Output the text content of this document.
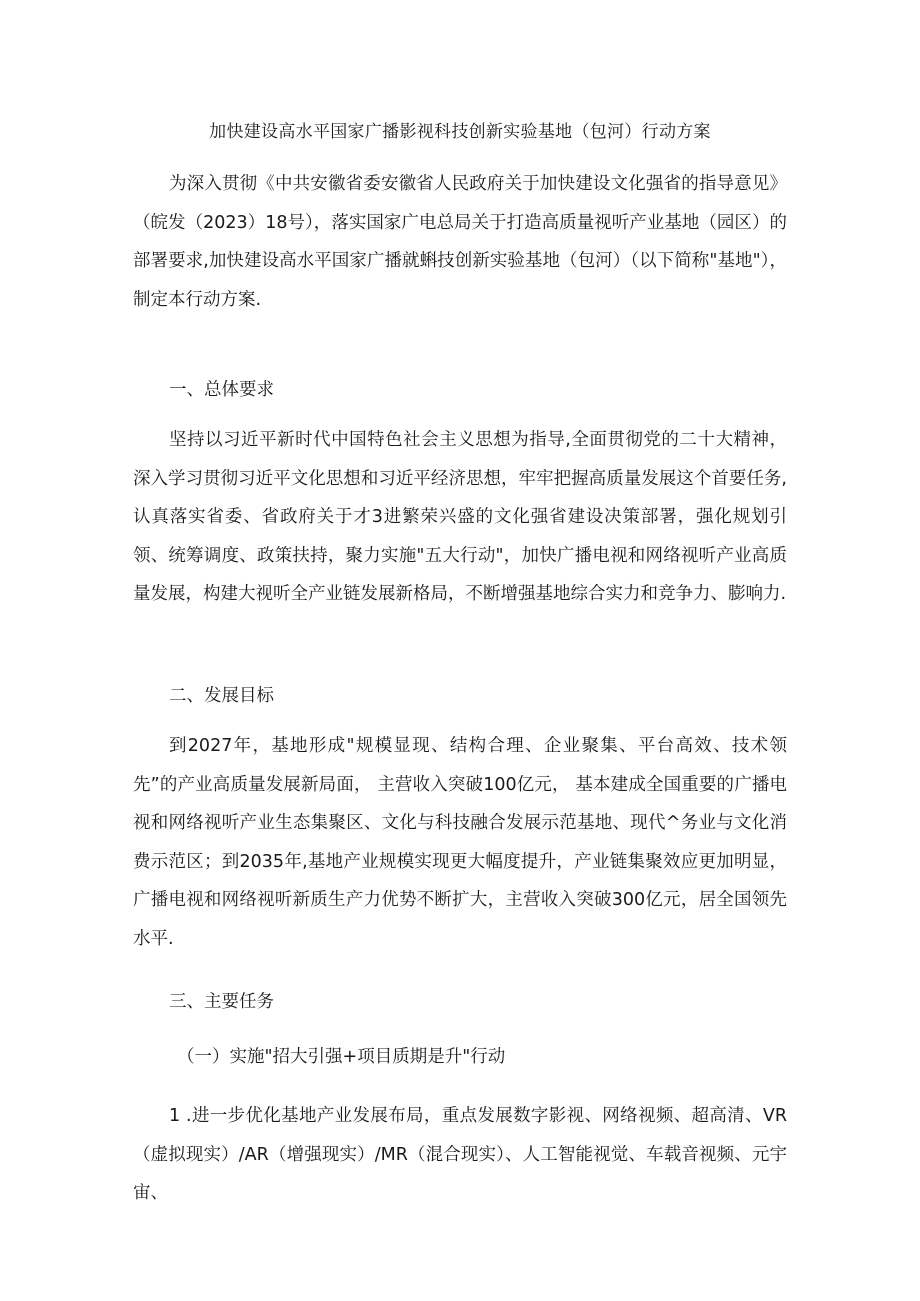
加快建设高水平国家广播影视科技创新实验基地（包河）行动方案

为深入贯彻《中共安徽省委安徽省人民政府关于加快建设文化强省的指导意见》（皖发（2023）18号），落实国家广电总局关于打造高质量视听产业基地（园区）的部署要求,加快建设高水平国家广播就蝌技创新实验基地（包河）（以下简称"基地"），制定本行动方案.

一、总体要求

坚持以习近平新时代中国特色社会主义思想为指导,全面贯彻党的二十大精神，深入学习贯彻习近平文化思想和习近平经济思想，牢牢把握高质量发展这个首要任务,认真落实省委、省政府关于才3进繁荣兴盛的文化强省建设决策部署，强化规划引领、统筹调度、政策扶持，聚力实施"五大行动"，加快广播电视和网络视听产业高质量发展，构建大视听全产业链发展新格局，不断增强基地综合实力和竞争力、膨响力.

二、发展目标

到2027年，基地形成"规模显现、结构合理、企业聚集、平台高效、技术领先”的产业高质量发展新局面， 主营收入突破100亿元， 基本建成全国重要的广播电视和网络视听产业生态集聚区、文化与科技融合发展示范基地、现代^务业与文化消费示范区；到2035年,基地产业规模实现更大幅度提升，产业链集聚效应更加明显，广播电视和网络视听新质生产力优势不断扩大，主营收入突破300亿元，居全国领先水平.

三、主要任务
（一）实施"招大引强+项目质期是升"行动

1 .进一步优化基地产业发展布局，重点发展数字影视、网络视频、超高清、VR（虚拟现实）/AR（增强现实）/MR（混合现实）、人工智能视觉、车载音视频、元宇宙、
